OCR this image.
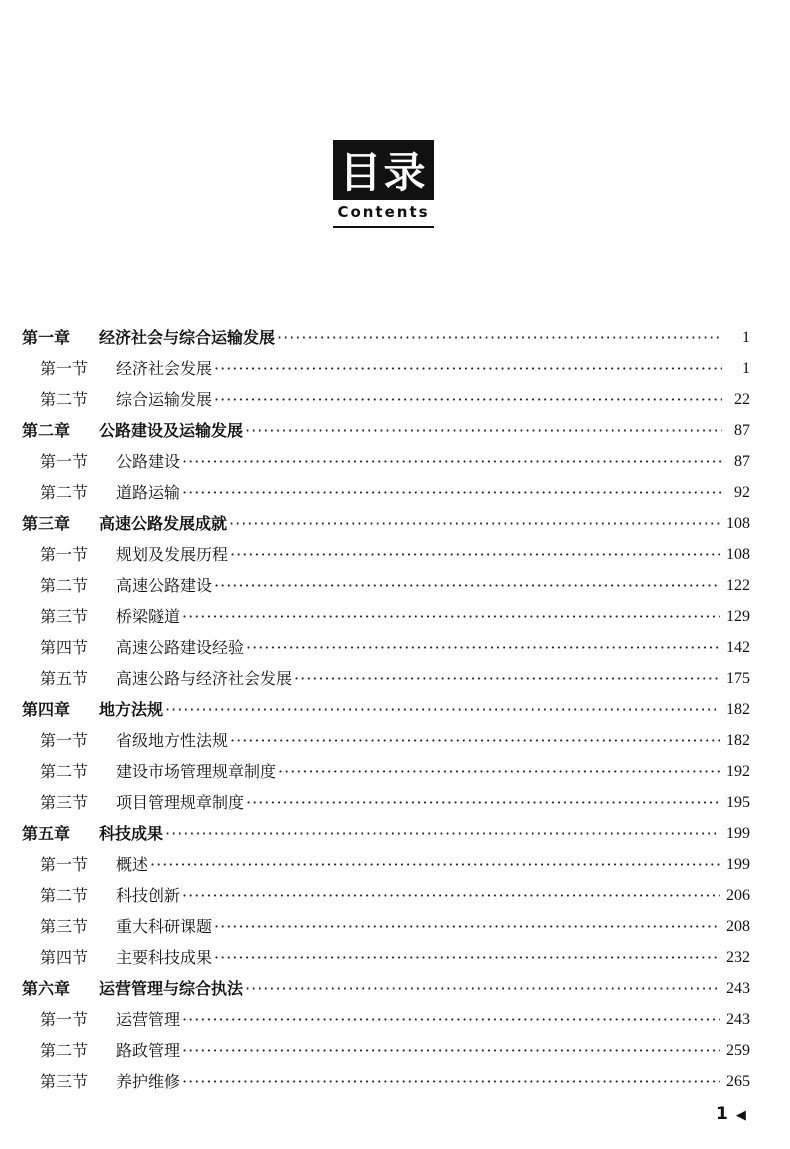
目录
Contents
第一章	经济社会与综合运输发展 ·····	1
第一节	经济社会发展 ·····	1
第二节	综合运输发展 ·····	22
第二章	公路建设及运输发展 ·····	87
第一节	公路建设 ·····	87
第二节	道路运输 ·····	92
第三章	高速公路发展成就 ·····	108
第一节	规划及发展历程 ·····	108
第二节	高速公路建设 ·····	122
第三节	桥梁隧道 ·····	129
第四节	高速公路建设经验 ·····	142
第五节	高速公路与经济社会发展 ·····	175
第四章	地方法规 ·····	182
第一节	省级地方性法规 ·····	182
第二节	建设市场管理规章制度 ·····	192
第三节	项目管理规章制度 ·····	195
第五章	科技成果 ·····	199
第一节	概述 ·····	199
第二节	科技创新 ·····	206
第三节	重大科研课题 ·····	208
第四节	主要科技成果 ·····	232
第六章	运营管理与综合执法 ·····	243
第一节	运营管理 ·····	243
第二节	路政管理 ·····	259
第三节	养护维修 ·····	265
1 ◀
